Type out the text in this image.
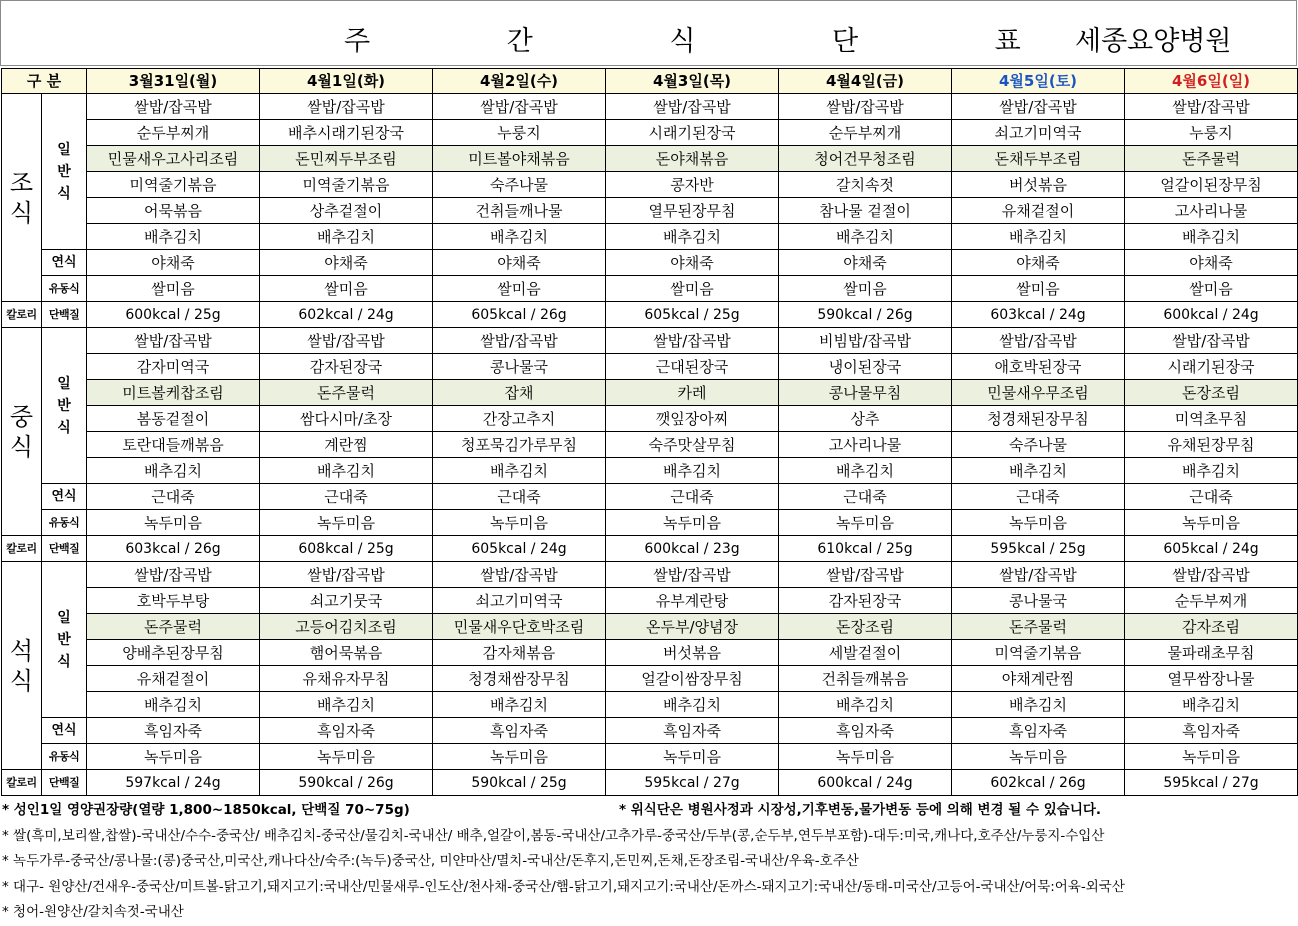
주 간 식 단 표
세종요양병원
구 분		3월31일(월)	4월1일(화)	4월2일(수)	4월3일(목)	4월4일(금)	4월5일(토)	4월6일(일)
조
식	일
반
식	쌀밥/잡곡밥	쌀밥/잡곡밥	쌀밥/잡곡밥	쌀밥/잡곡밥	쌀밥/잡곡밥	쌀밥/잡곡밥	쌀밥/잡곡밥
		순두부찌개	배추시래기된장국	누룽지	시래기된장국	순두부찌개	쇠고기미역국	누룽지
		민물새우고사리조림	돈민찌두부조림	미트볼야채볶음	돈야채볶음	청어건무청조림	돈채두부조림	돈주물럭
		미역줄기볶음	미역줄기볶음	숙주나물	콩자반	갈치속젓	버섯볶음	얼갈이된장무침
		어묵볶음	상추겉절이	건취들깨나물	열무된장무침	참나물 겉절이	유채겉절이	고사리나물
		배추김치	배추김치	배추김치	배추김치	배추김치	배추김치	배추김치
	연식	야채죽	야채죽	야채죽	야채죽	야채죽	야채죽	야채죽
	유동식	쌀미음	쌀미음	쌀미음	쌀미음	쌀미음	쌀미음	쌀미음
칼로리	단백질	600kcal / 25g	602kcal / 24g	605kcal / 26g	605kcal / 25g	590kcal / 26g	603kcal / 24g	600kcal / 24g
중
식	일
반
식	쌀밥/잡곡밥	쌀밥/잡곡밥	쌀밥/잡곡밥	쌀밥/잡곡밥	비빔밥/잡곡밥	쌀밥/잡곡밥	쌀밥/잡곡밥
		감자미역국	감자된장국	콩나물국	근대된장국	냉이된장국	애호박된장국	시래기된장국
		미트볼케찹조림	돈주물럭	잡채	카레	콩나물무침	민물새우무조림	돈장조림
		봄동겉절이	쌈다시마/초장	간장고추지	깻잎장아찌	상추	청경채된장무침	미역초무침
		토란대들깨볶음	계란찜	청포묵김가루무침	숙주맛살무침	고사리나물	숙주나물	유채된장무침
		배추김치	배추김치	배추김치	배추김치	배추김치	배추김치	배추김치
	연식	근대죽	근대죽	근대죽	근대죽	근대죽	근대죽	근대죽
	유동식	녹두미음	녹두미음	녹두미음	녹두미음	녹두미음	녹두미음	녹두미음
칼로리	단백질	603kcal / 26g	608kcal / 25g	605kcal / 24g	600kcal / 23g	610kcal / 25g	595kcal / 25g	605kcal / 24g
석
식	일
반
식	쌀밥/잡곡밥	쌀밥/잡곡밥	쌀밥/잡곡밥	쌀밥/잡곡밥	쌀밥/잡곡밥	쌀밥/잡곡밥	쌀밥/잡곡밥
		호박두부탕	쇠고기뭇국	쇠고기미역국	유부계란탕	감자된장국	콩나물국	순두부찌개
		돈주물럭	고등어김치조림	민물새우단호박조림	온두부/양념장	돈장조림	돈주물럭	감자조림
		양배추된장무침	햄어묵볶음	감자채볶음	버섯볶음	세발겉절이	미역줄기볶음	물파래초무침
		유채겉절이	유채유자무침	청경채쌈장무침	얼갈이쌈장무침	건취들깨볶음	야채계란찜	열무쌈장나물
		배추김치	배추김치	배추김치	배추김치	배추김치	배추김치	배추김치
	연식	흑임자죽	흑임자죽	흑임자죽	흑임자죽	흑임자죽	흑임자죽	흑임자죽
	유동식	녹두미음	녹두미음	녹두미음	녹두미음	녹두미음	녹두미음	녹두미음
칼로리	단백질	597kcal / 24g	590kcal / 26g	590kcal / 25g	595kcal / 27g	600kcal / 24g	602kcal / 26g	595kcal / 27g
* 성인1일 영양권장량(열량 1,800~1850kcal, 단백질 70~75g)	* 위식단은 병원사정과 시장성,기후변동,물가변동 등에 의해 변경 될 수 있습니다.
* 쌀(흑미,보리쌀,찹쌀)-국내산/수수-중국산/ 배추김치-중국산/물김치-국내산/ 배추,얼갈이,봄동-국내산/고추가루-중국산/두부(콩,순두부,연두부포함)-대두:미국,캐나다,호주산/누룽지-수입산
* 녹두가루-중국산/콩나물:(콩)중국산,미국산,캐나다산/숙주:(녹두)중국산, 미얀마산/멸치-국내산/돈후지,돈민찌,돈채,돈장조림-국내산/우육-호주산
* 대구- 원양산/건새우-중국산/미트볼-닭고기,돼지고기:국내산/민물새루-인도산/천사채-중국산/햄-닭고기,돼지고기:국내산/돈까스-돼지고기:국내산/동태-미국산/고등어-국내산/어묵:어육-외국산
* 청어-원양산/갈치속젓-국내산
